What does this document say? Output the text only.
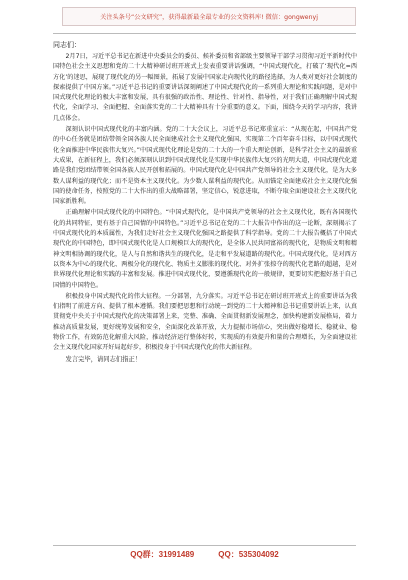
关注头条号“公文研究”，获得最新最全最专业的公文资料库! 微信：gongwenyj

同志们：

2月7日，习近平总书记在新进中央委员会的委员、候补委员和省部级主要领导干部学习贯彻习近平新时代中国特色社会主义思想和党的二十大精神研讨班开班式上发表重要讲话强调，“中国式现代化，打破了‘现代化=西方化’的迷思，展现了现代化的另一幅图景，拓展了发展中国家走向现代化的路径选择，为人类对更好社会制度的探索提供了中国方案。”习近平总书记的重要讲话深刻阐述了中国式现代化的一系列重大理论和实践问题，是对中国式现代化理论的极大丰富和发展，具有很强的政治性、理论性、针对性、指导性，对于我们正确理解中国式现代化，全面学习、全面把握、全面落实党的二十大精神具有十分重要的意义。下面，围绕今天的学习内容，我讲几点体会。

深刻认识中国式现代化的丰富内涵。党的二十大会议上，习近平总书记郑重宣示：“从现在起，中国共产党的中心任务就是团结带领全国各族人民全面建成社会主义现代化强国、实现第二个百年奋斗目标，以中国式现代化全面推进中华民族伟大复兴。”中国式现代化理论是党的二十大的一个重大理论创新，是科学社会主义的最新重大成果，在新征程上，我们必须深刻认识到中国式现代化是实现中华民族伟大复兴的光明大道，中国式现代化道路是我们党团结带领全国各族人民开创和拓展的。中国式现代化是中国共产党领导的社会主义现代化，是为大多数人谋利益的现代化；而不是资本主义现代化。为少数人谋利益的现代化。从而锚定全面建成社会主义现代化强国的使命任务，按照党的二十大作出的重大战略部署，坚定信心，锐意进取，不断夺取全面建设社会主义现代化国家新胜利。

正确理解中国式现代化的中国特色。“中国式现代化，是中国共产党领导的社会主义现代化，既有各国现代化的共同特征，更有基于自己国情的中国特色。”习近平总书记在党的二十大报告中作出的这一论断，深刻揭示了中国式现代化的本质属性，为我们走好社会主义现代化强国之路提供了科学指导。党的二十大报告概括了中国式现代化的中国特色，即中国式现代化是人口规模巨大的现代化，是全体人民共同富裕的现代化，是物质文明和精神文明相协调的现代化，是人与自然和谐共生的现代化，是走和平发展道路的现代化。中国式现代化，是对西方以资本为中心的现代化、两极分化的现代化、物质主义膨胀的现代化、对外扩张掠夺的现代化老路的超越，是对世界现代化理论和实践的丰富和发展。推进中国式现代化，要遵循现代化的一般规律，更要切实把握好基于自己国情的中国特色。

积极投身中国式现代化的伟大征程。一分部署，九分落实。习近平总书记在研讨班开班式上的重要讲话为我们指明了前进方向、提供了根本遵循。我们要把思想和行动统一到党的二十大精神和总书记重要讲话上来，认真贯彻党中央关于中国式现代化的决策部署上来，完整、准确、全面贯彻新发展理念，加快构建新发展格局，着力推动高质量发展，更好统筹发展和安全，全面深化改革开放，大力提振市场信心，突出做好稳增长、稳就业、稳物价工作，有效防范化解重大风险，推动经济运行整体好转，实现质的有效提升和量的合理增长，为全面建设社会主义现代化国家开好局起好步，积极投身于中国式现代化的伟大新征程。

发言完毕，请同志们指正！

QQ群：31991489	QQ：535304092
